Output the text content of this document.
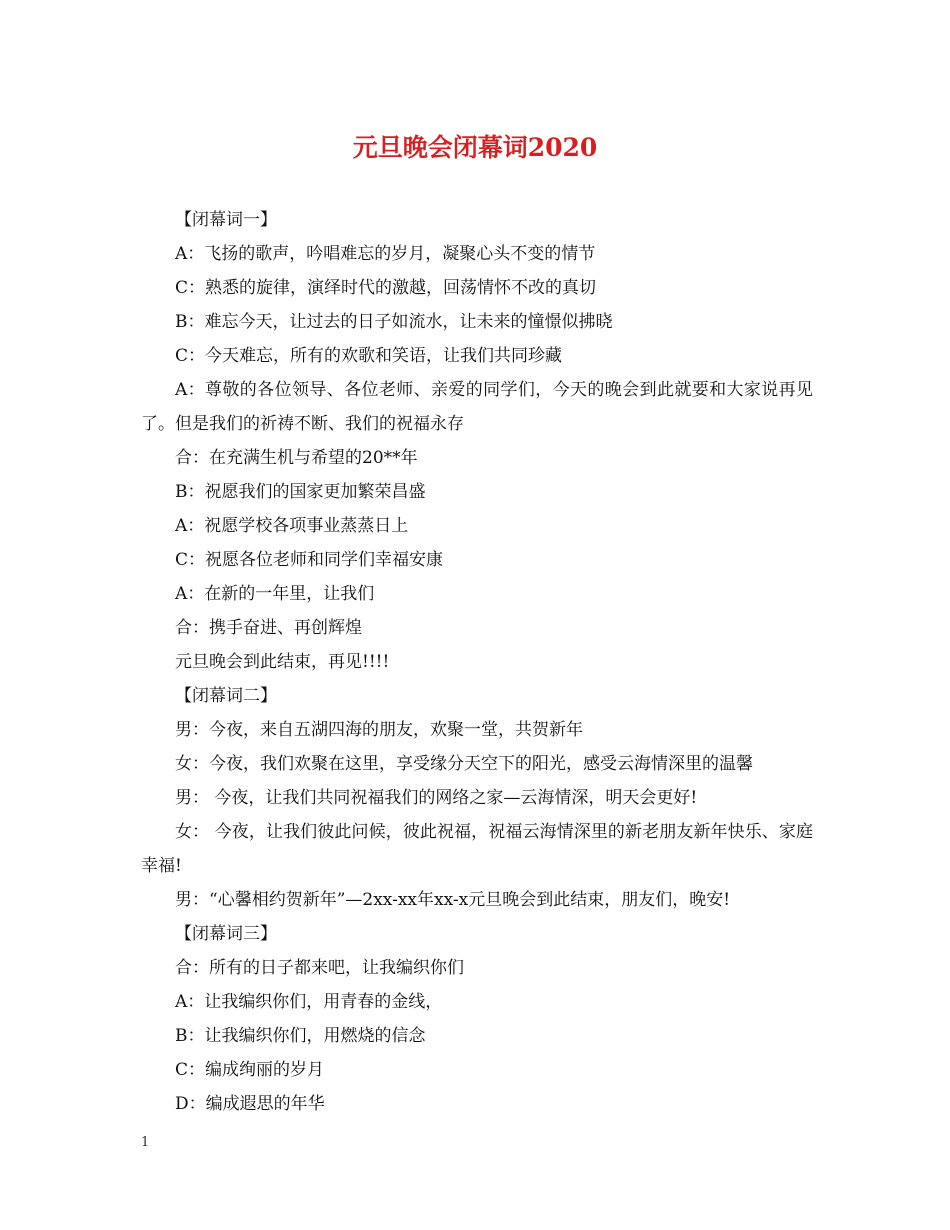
元旦晚会闭幕词2020

【闭幕词一】

A：飞扬的歌声，吟唱难忘的岁月，凝聚心头不变的情节

C：熟悉的旋律，演绎时代的激越，回荡情怀不改的真切

B：难忘今天，让过去的日子如流水，让未来的憧憬似拂晓

C：今天难忘，所有的欢歌和笑语，让我们共同珍藏

A：尊敬的各位领导、各位老师、亲爱的同学们，今天的晚会到此就要和大家说再见了。但是我们的祈祷不断、我们的祝福永存

合：在充满生机与希望的20**年

B：祝愿我们的国家更加繁荣昌盛

A：祝愿学校各项事业蒸蒸日上

C：祝愿各位老师和同学们幸福安康

A：在新的一年里，让我们

合：携手奋进、再创辉煌

元旦晚会到此结束，再见!!!!

【闭幕词二】

男：今夜，来自五湖四海的朋友，欢聚一堂，共贺新年

女：今夜，我们欢聚在这里，享受缘分天空下的阳光，感受云海情深里的温馨

男： 今夜，让我们共同祝福我们的网络之家—云海情深，明天会更好!

女： 今夜，让我们彼此问候，彼此祝福，祝福云海情深里的新老朋友新年快乐、家庭幸福!

男：“心馨相约贺新年”—2xx-xx年xx-x元旦晚会到此结束，朋友们，晚安!

【闭幕词三】

合：所有的日子都来吧，让我编织你们

A：让我编织你们，用青春的金线，

B：让我编织你们，用燃烧的信念

C：编成绚丽的岁月

D：编成遐思的年华

1
